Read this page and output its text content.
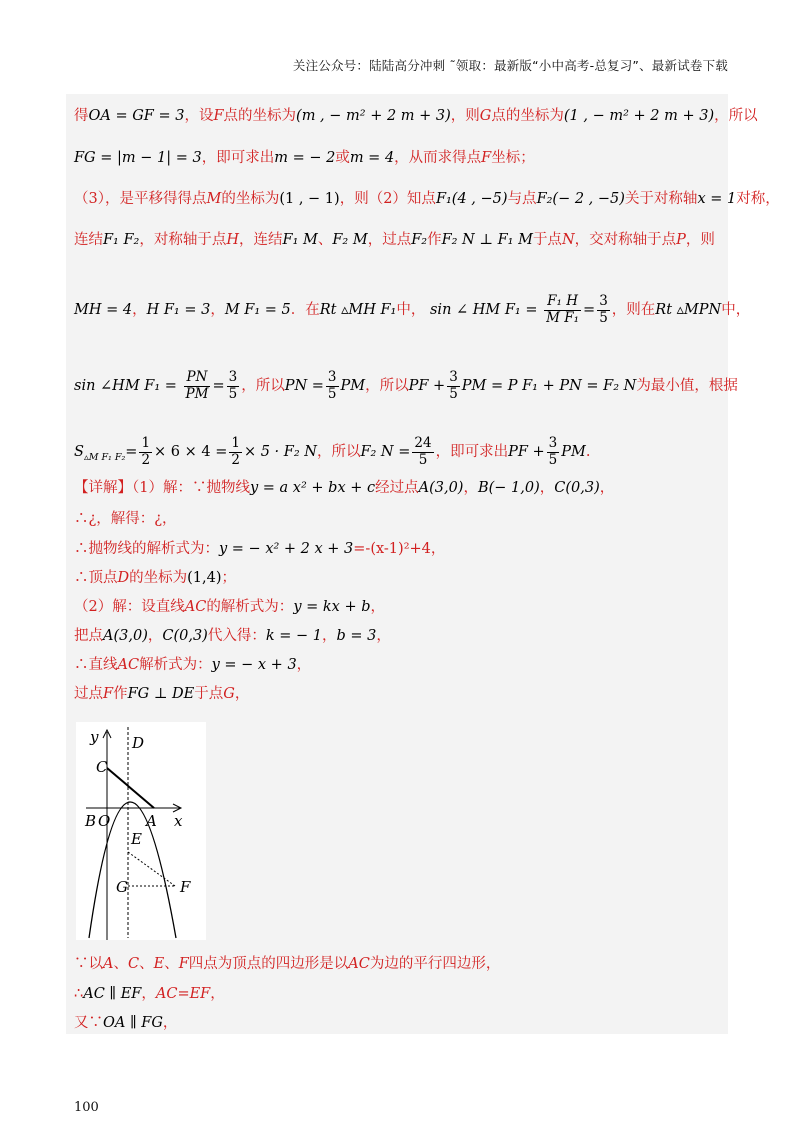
关注公众号：陆陆高分冲刺 ˜领取：最新版“小中高考-总复习”、最新试卷下载
得OA = GF = 3，设F点的坐标为(m , − m² + 2 m + 3)，则G点的坐标为(1 , − m² + 2 m + 3)，所以
FG = |m − 1| = 3，即可求出m = − 2或m = 4，从而求得点F坐标；
（3），是平移得得点M的坐标为(1 , − 1)，则（2）知点F₁(4 , −5)与点F₂(− 2 , −5)关于对称轴x = 1对称，
连结F₁ F₂，对称轴于点H，连结F₁ M、F₂ M，过点F₂作F₂ N ⊥ F₁ M于点N，交对称轴于点P，则
MH = 4，H F₁ = 3，M F₁ = 5．在Rt ▵MH F₁中， sin ∠ HM $F_1 = \frac{\text{F₁ H}}{\text{M F₁}} = \frac{3}{5}$ ，则在Rt ▵MPN中，
sin ∠HM $F_1 = \frac{PN}{PM} = \frac{3}{5}$ ，所以PN = $\frac{3}{5}$ PM，所以PF + $\frac{3}{5}$ PM = P F₁ + PN = F₂ N为最小值，根据
$S_{▵M F_1 F_2}= \frac{1}{2} \times 6 \times 4 = \frac{1}{2} \times 5 \cdot F_2$ N，所以F₂ $N = \frac{24}{5}$ ，即可求出PF + $\frac{3}{5}$ PM.
【详解】（1）解：∵抛物线y = a x² + bx + c经过点A(3,0)，B(− 1,0)，C(0,3)，
∴¿，解得：¿，
∴抛物线的解析式为：y = − x² + 2 x + 3=-(x-1)²+4，
∴顶点D的坐标为(1,4)；
（2）解：设直线AC的解析式为：y = kx + b，
把点A(3,0)，C(0,3)代入得：k = − 1，b = 3，
∴直线AC解析式为：y = − x + 3，
过点F作FG ⊥ DE于点G，
y D
C
B O A x
E
G	F
∵以A、C、E、F四点为顶点的四边形是以AC为边的平行四边形，
∴AC ∥ EF，AC=EF，
又∵OA ∥ FG，
100
